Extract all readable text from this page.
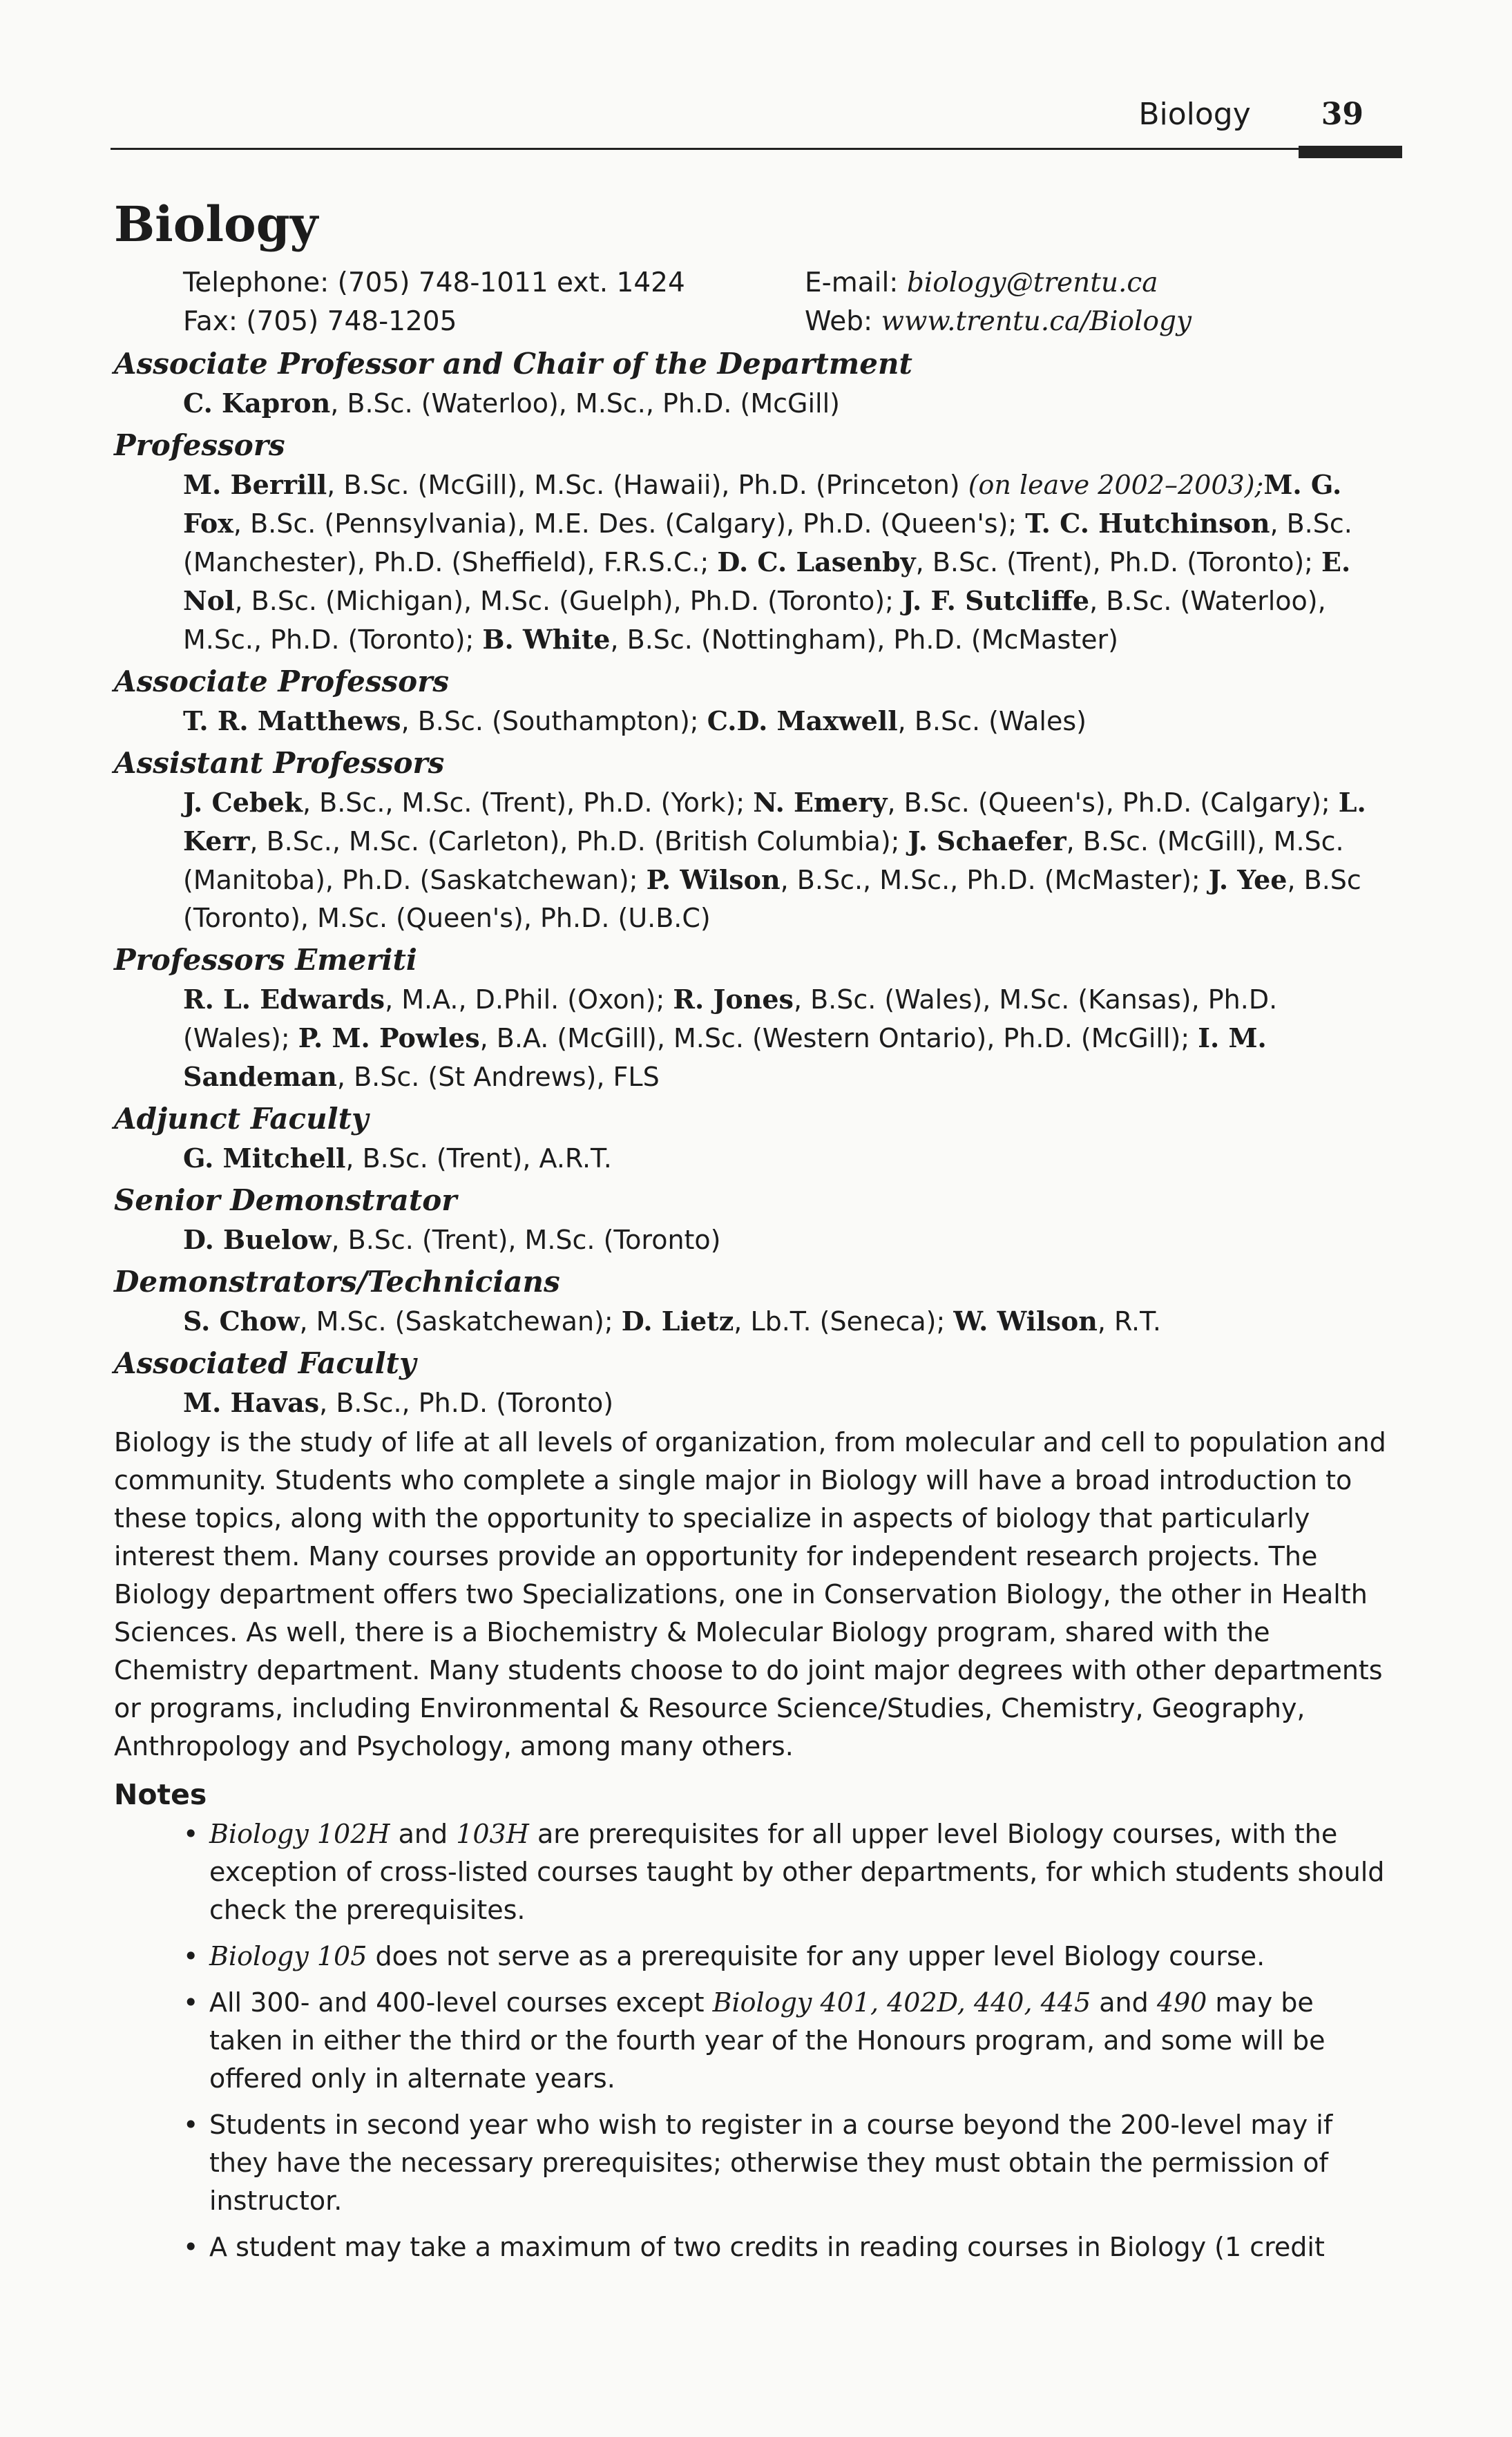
Biology 39
Biology
Telephone: (705) 748-1011 ext. 1424	E-mail: biology@trentu.ca
Fax: (705) 748-1205	Web: www.trentu.ca/Biology
Associate Professor and Chair of the Department
C. Kapron, B.Sc. (Waterloo), M.Sc., Ph.D. (McGill)
Professors
M. Berrill, B.Sc. (McGill), M.Sc. (Hawaii), Ph.D. (Princeton) (on leave 2002–2003);M. G. Fox, B.Sc. (Pennsylvania), M.E. Des. (Calgary), Ph.D. (Queen's); T. C. Hutchinson, B.Sc. (Manchester), Ph.D. (Sheffield), F.R.S.C.; D. C. Lasenby, B.Sc. (Trent), Ph.D. (Toronto); E. Nol, B.Sc. (Michigan), M.Sc. (Guelph), Ph.D. (Toronto); J. F. Sutcliffe, B.Sc. (Waterloo), M.Sc., Ph.D. (Toronto); B. White, B.Sc. (Nottingham), Ph.D. (McMaster)
Associate Professors
T. R. Matthews, B.Sc. (Southampton); C.D. Maxwell, B.Sc. (Wales)
Assistant Professors
J. Cebek, B.Sc., M.Sc. (Trent), Ph.D. (York); N. Emery, B.Sc. (Queen's), Ph.D. (Calgary); L. Kerr, B.Sc., M.Sc. (Carleton), Ph.D. (British Columbia); J. Schaefer, B.Sc. (McGill), M.Sc. (Manitoba), Ph.D. (Saskatchewan); P. Wilson, B.Sc., M.Sc., Ph.D. (McMaster); J. Yee, B.Sc (Toronto), M.Sc. (Queen's), Ph.D. (U.B.C)
Professors Emeriti
R. L. Edwards, M.A., D.Phil. (Oxon); R. Jones, B.Sc. (Wales), M.Sc. (Kansas), Ph.D. (Wales); P. M. Powles, B.A. (McGill), M.Sc. (Western Ontario), Ph.D. (McGill); I. M. Sandeman, B.Sc. (St Andrews), FLS
Adjunct Faculty
G. Mitchell, B.Sc. (Trent), A.R.T.
Senior Demonstrator
D. Buelow, B.Sc. (Trent), M.Sc. (Toronto)
Demonstrators/Technicians
S. Chow, M.Sc. (Saskatchewan); D. Lietz, Lb.T. (Seneca); W. Wilson, R.T.
Associated Faculty
M. Havas, B.Sc., Ph.D. (Toronto)
Biology is the study of life at all levels of organization, from molecular and cell to population and community. Students who complete a single major in Biology will have a broad introduction to these topics, along with the opportunity to specialize in aspects of biology that particularly interest them. Many courses provide an opportunity for independent research projects. The Biology department offers two Specializations, one in Conservation Biology, the other in Health Sciences. As well, there is a Biochemistry & Molecular Biology program, shared with the Chemistry department. Many students choose to do joint major degrees with other departments or programs, including Environmental & Resource Science/Studies, Chemistry, Geography, Anthropology and Psychology, among many others.
Notes
• Biology 102H and 103H are prerequisites for all upper level Biology courses, with the exception of cross-listed courses taught by other departments, for which students should check the prerequisites.
• Biology 105 does not serve as a prerequisite for any upper level Biology course.
• All 300- and 400-level courses except Biology 401, 402D, 440, 445 and 490 may be taken in either the third or the fourth year of the Honours program, and some will be offered only in alternate years.
• Students in second year who wish to register in a course beyond the 200-level may if they have the necessary prerequisites; otherwise they must obtain the permission of instructor.
• A student may take a maximum of two credits in reading courses in Biology (1 credit
